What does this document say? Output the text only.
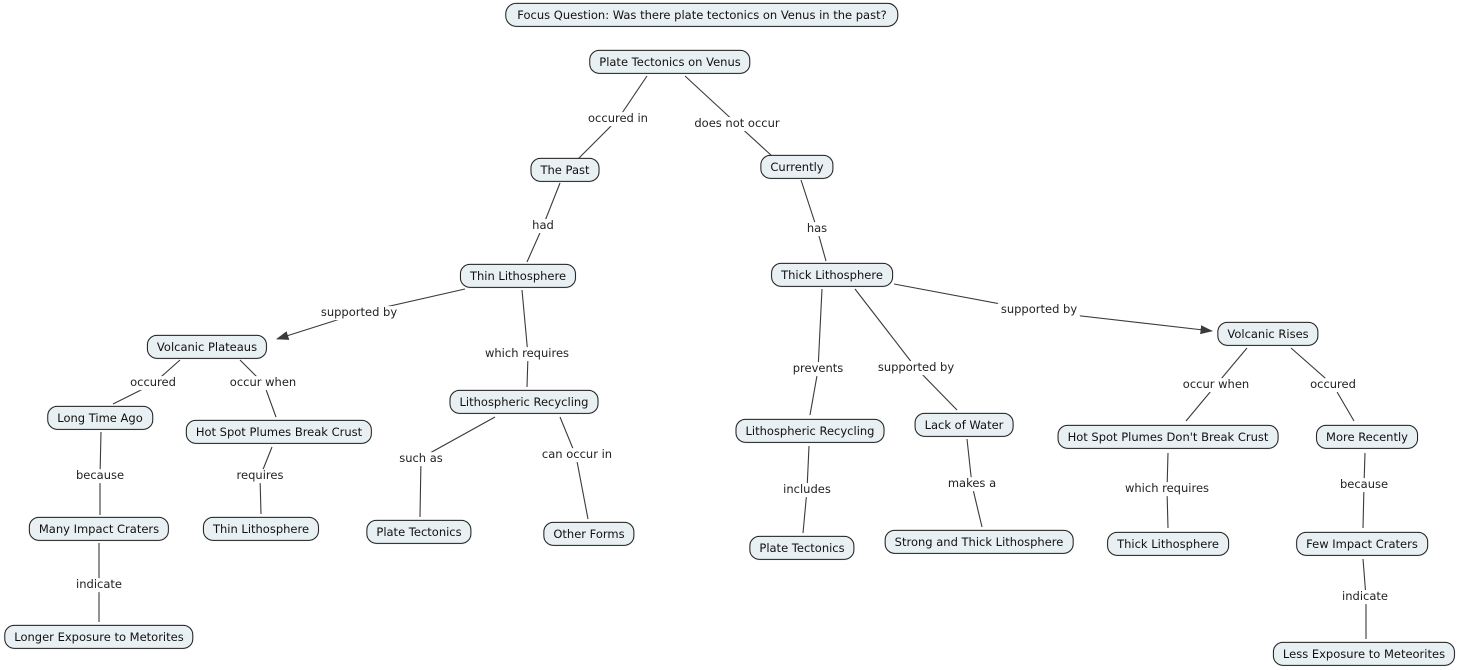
occured in	does not occur
had	has
supported by
which requires
occured	occur when
because	requires
such as	can occur in
indicate
prevents	supported by
includes	makes a
supported by
occur when	occured
which requires	because
indicate
Focus Question: Was there plate tectonics on Venus in the past?
Plate Tectonics on Venus
The Past	Currently
Thin Lithosphere	Thick Lithosphere
Volcanic Plateaus
Lithospheric Recycling
Long Time Ago
Hot Spot Plumes Break Crust
Many Impact Craters	Thin Lithosphere	Plate Tectonics	Other Forms
Longer Exposure to Metorites
Lithospheric Recycling	Lack of Water
Plate Tectonics	Strong and Thick Lithosphere
Volcanic Rises
Hot Spot Plumes Don't Break Crust	More Recently
Thick Lithosphere	Few Impact Craters
Less Exposure to Meteorites
